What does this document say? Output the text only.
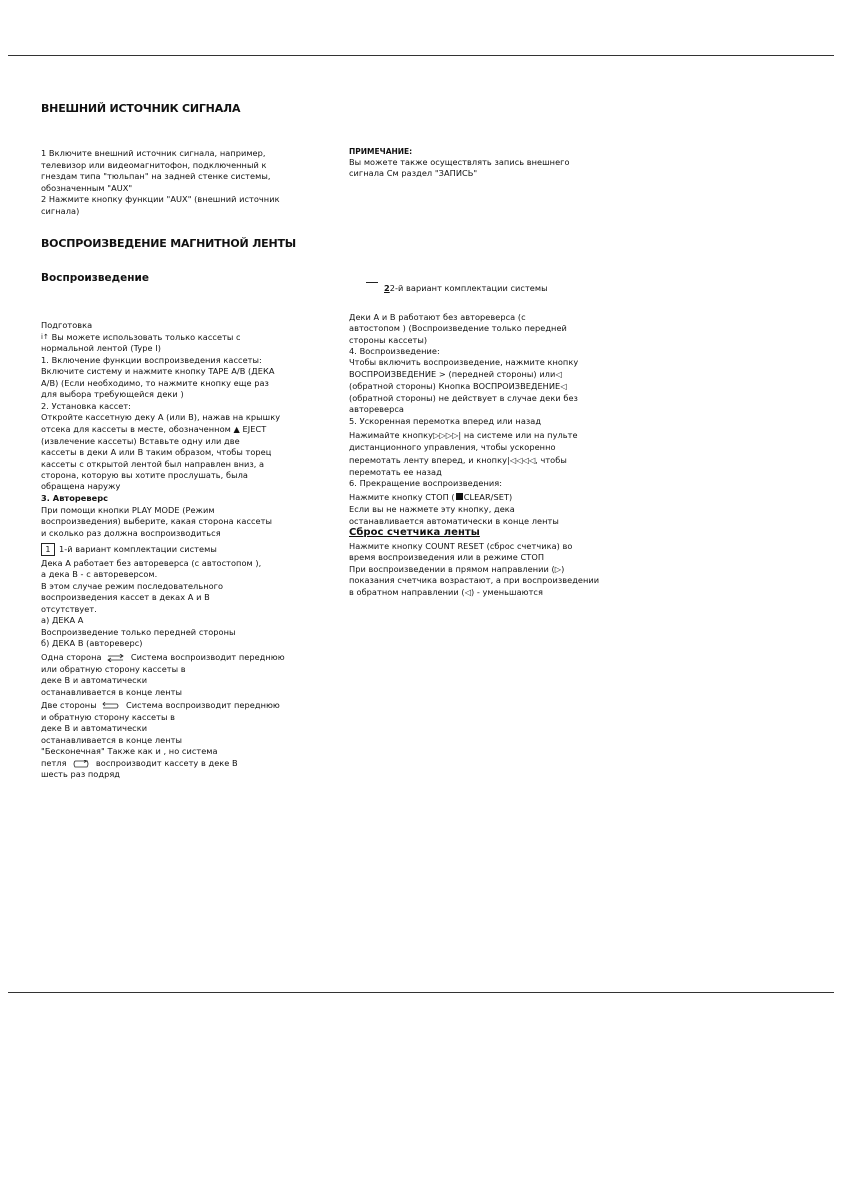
ВНЕШНИЙ ИСТОЧНИК СИГНАЛА
1 Включите внешний источник сигнала, например,
телевизор или видеомагнитофон, подключенный к
гнездам типа "тюльпан" на задней стенке системы,
обозначенным "AUX"
2 Нажмите кнопку функции "AUX" (внешний источник
сигнала)
ПРИМЕЧАНИЕ:
Вы можете также осуществлять запись внешнего
сигнала См раздел "ЗАПИСЬ"
ВОСПРОИЗВЕДЕНИЕ МАГНИТНОЙ ЛЕНТЫ
Воспроизведение
22-й вариант комплектации системы
Подготовка
i↑ Вы можете использовать только кассеты с
нормальной лентой (Type I)
1. Включение функции воспроизведения кассеты:
Включите систему и нажмите кнопку TAPE A/B (ДЕКА
A/B) (Если необходимо, то нажмите кнопку еще раз
для выбора требующейся деки )
2. Установка кассет:
Откройте кассетную деку A (или B), нажав на крышку
отсека для кассеты в месте, обозначенном ▲ EJECT
(извлечение кассеты) Вставьте одну или две
кассеты в деки A или B таким образом, чтобы торец
кассеты с открытой лентой был направлен вниз, а
сторона, которую вы хотите прослушать, была
обращена наружу
3. Автореверс
При помощи кнопки PLAY MODE (Режим
воспроизведения) выберите, какая сторона кассеты
и сколько раз должна воспроизводиться
1 1-й вариант комплектации системы
Дека A работает без автореверса (с автостопом ),
а дека B - с автореверсом.
В этом случае режим последовательного
воспроизведения кассет в деках A и B
отсутствует.
а) ДЕКА A
Воспроизведение только передней стороны
б) ДЕКА B (автореверс)
Одна сторона	Система воспроизводит переднюю
или обратную сторону кассеты в
деке B и автоматически
останавливается в конце ленты
Две стороны	Система воспроизводит переднюю
и обратную сторону кассеты в
деке B и автоматически
останавливается в конце ленты
"Бесконечная" Также как и , но система
петля	воспроизводит кассету в деке B
шесть раз подряд
Деки A и B работают без автореверса (с
автостопом ) (Воспроизведение только передней
стороны кассеты)
4. Воспроизведение:
Чтобы включить воспроизведение, нажмите кнопку
ВОСПРОИЗВЕДЕНИЕ > (передней стороны) или◁
(обратной стороны) Кнопка ВОСПРОИЗВЕДЕНИЕ◁
(обратной стороны) не действует в случае деки без
автореверса
5. Ускоренная перемотка вперед или назад
Нажимайте кнопку▷▷▷▷| на системе или на пульте
дистанционного управления, чтобы ускоренно
перемотать ленту вперед, и кнопку|◁◁◁◁, чтобы
перемотать ее назад
6. Прекращение воспроизведения:
Нажмите кнопку СТОП ( CLEAR/SET)
Если вы не нажмете эту кнопку, дека
останавливается автоматически в конце ленты
Сброс счетчика ленты
Нажмите кнопку COUNT RESET (сброс счетчика) во
время воспроизведения или в режиме СТОП
При воспроизведении в прямом направлении (▷)
показания счетчика возрастают, а при воспроизведении
в обратном направлении (◁) - уменьшаются
